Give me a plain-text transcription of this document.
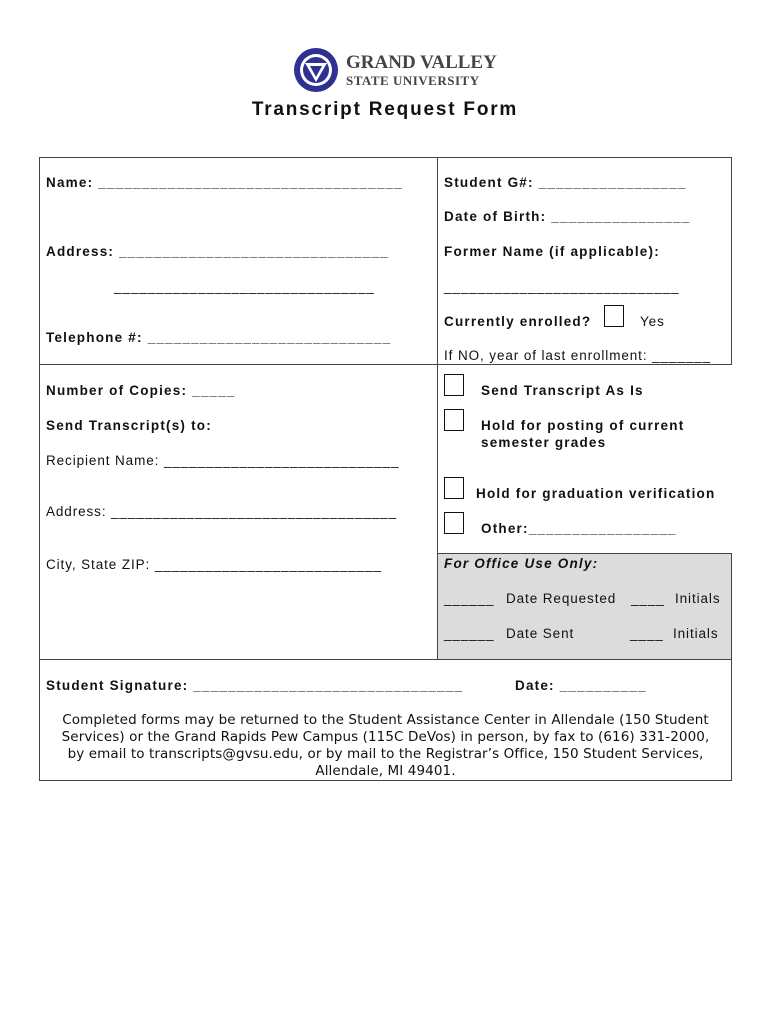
GRAND VALLEY
STATE UNIVERSITY
Transcript Request Form
Name: ___________________________________
Address: _______________________________
_______________________________
Telephone #: ____________________________
Student G#: _________________
Date of Birth: ________________
Former Name (if applicable):
____________________________
Currently enrolled?	Yes
If NO, year of last enrollment: _______
Number of Copies: _____
Send Transcript(s) to:
Recipient Name: ____________________________
Address: __________________________________
City, State ZIP: ___________________________
Send Transcript As Is
Hold for posting of current
semester grades
Hold for graduation verification
Other:_________________
For Office Use Only:
______ Date Requested ____ Initials
______ Date Sent	____ Initials
Student Signature: _______________________________	Date: __________
Completed forms may be returned to the Student Assistance Center in Allendale (150 Student
Services) or the Grand Rapids Pew Campus (115C DeVos) in person, by fax to (616) 331-2000,
by email to transcripts@gvsu.edu, or by mail to the Registrar’s Office, 150 Student Services,
Allendale, MI 49401.
